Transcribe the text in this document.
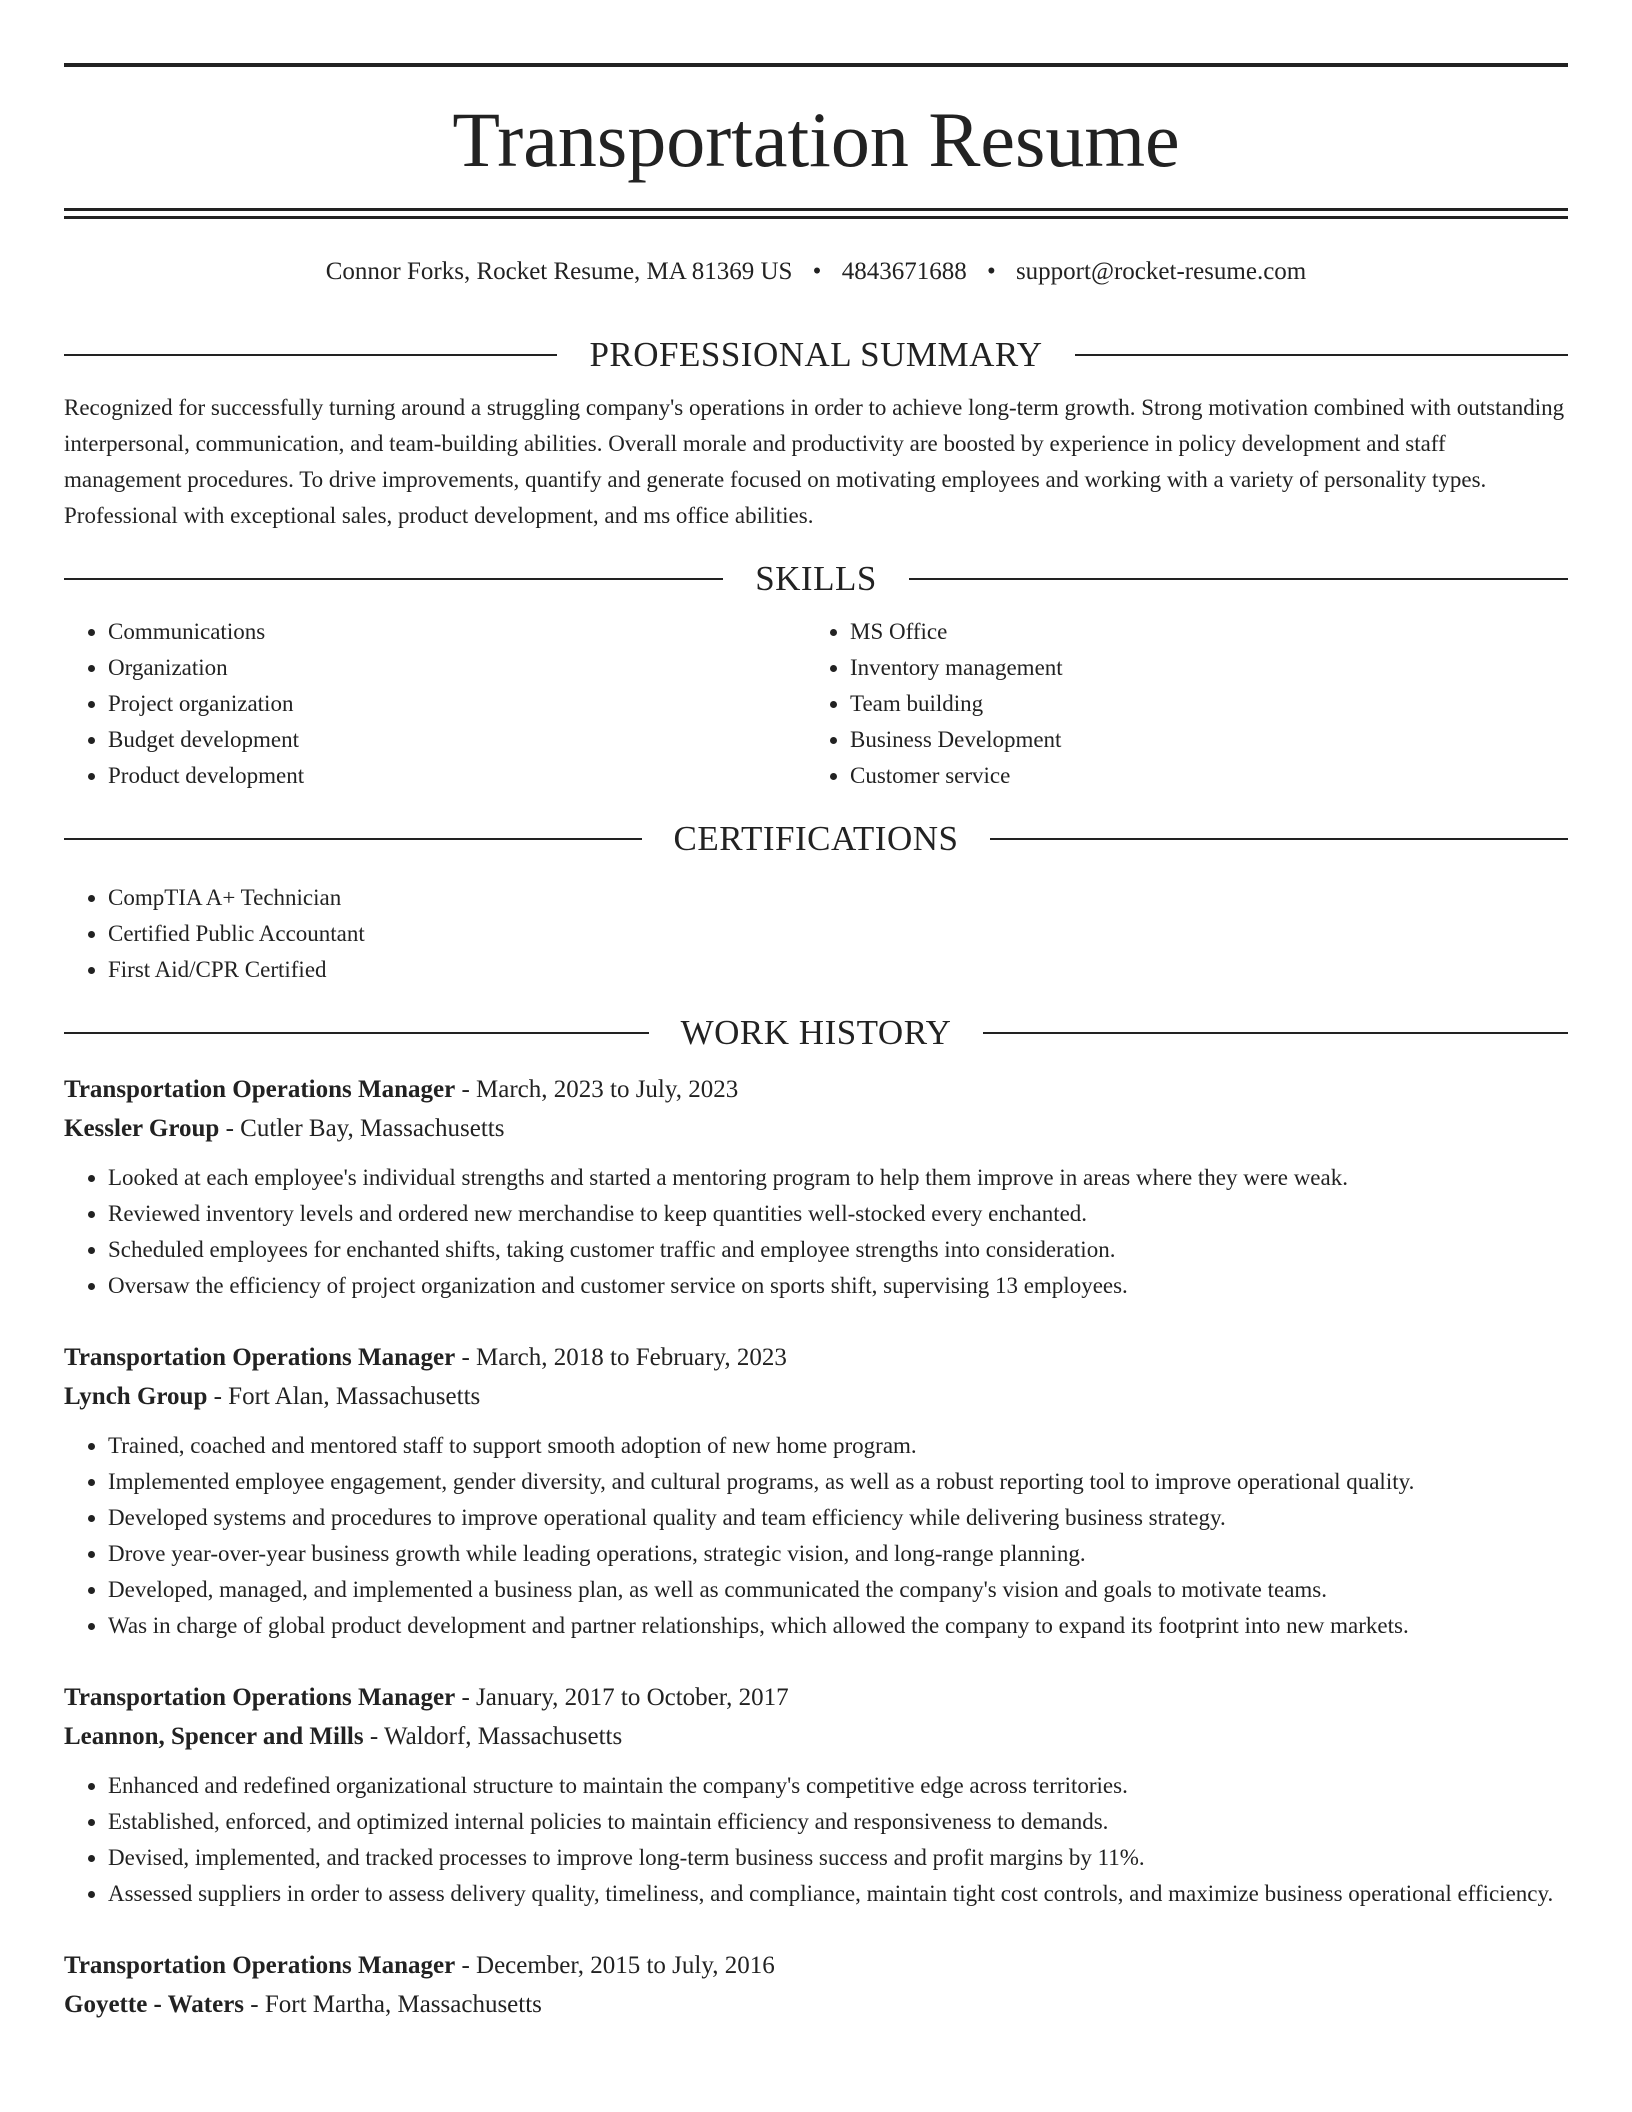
Transportation Resume
Connor Forks, Rocket Resume, MA 81369 US • 4843671688 • support@rocket-resume.com
PROFESSIONAL SUMMARY
Recognized for successfully turning around a struggling company's operations in order to achieve long-term growth. Strong motivation combined with outstanding interpersonal, communication, and team-building abilities. Overall morale and productivity are boosted by experience in policy development and staff management procedures. To drive improvements, quantify and generate focused on motivating employees and working with a variety of personality types. Professional with exceptional sales, product development, and ms office abilities.
SKILLS
• Communications
• Organization
• Project organization
• Budget development
• Product development
• MS Office
• Inventory management
• Team building
• Business Development
• Customer service
CERTIFICATIONS
• CompTIA A+ Technician
• Certified Public Accountant
• First Aid/CPR Certified
WORK HISTORY
Transportation Operations Manager - March, 2023 to July, 2023
Kessler Group - Cutler Bay, Massachusetts
• Looked at each employee's individual strengths and started a mentoring program to help them improve in areas where they were weak.
• Reviewed inventory levels and ordered new merchandise to keep quantities well-stocked every enchanted.
• Scheduled employees for enchanted shifts, taking customer traffic and employee strengths into consideration.
• Oversaw the efficiency of project organization and customer service on sports shift, supervising 13 employees.
Transportation Operations Manager - March, 2018 to February, 2023
Lynch Group - Fort Alan, Massachusetts
• Trained, coached and mentored staff to support smooth adoption of new home program.
• Implemented employee engagement, gender diversity, and cultural programs, as well as a robust reporting tool to improve operational quality.
• Developed systems and procedures to improve operational quality and team efficiency while delivering business strategy.
• Drove year-over-year business growth while leading operations, strategic vision, and long-range planning.
• Developed, managed, and implemented a business plan, as well as communicated the company's vision and goals to motivate teams.
• Was in charge of global product development and partner relationships, which allowed the company to expand its footprint into new markets.
Transportation Operations Manager - January, 2017 to October, 2017
Leannon, Spencer and Mills - Waldorf, Massachusetts
• Enhanced and redefined organizational structure to maintain the company's competitive edge across territories.
• Established, enforced, and optimized internal policies to maintain efficiency and responsiveness to demands.
• Devised, implemented, and tracked processes to improve long-term business success and profit margins by 11%.
• Assessed suppliers in order to assess delivery quality, timeliness, and compliance, maintain tight cost controls, and maximize business operational efficiency.
Transportation Operations Manager - December, 2015 to July, 2016
Goyette - Waters - Fort Martha, Massachusetts
